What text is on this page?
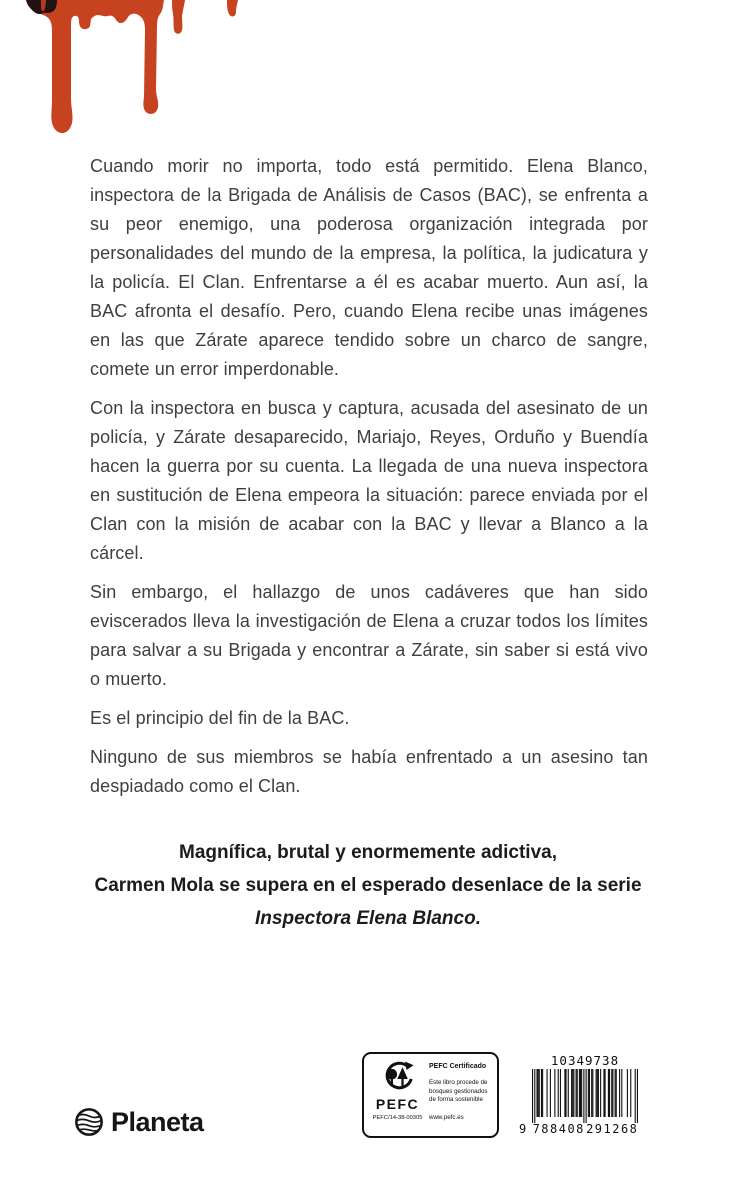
Cuando morir no importa, todo está permitido. Elena Blanco, inspectora de la Brigada de Análisis de Casos (BAC), se enfrenta a su peor enemigo, una poderosa organización integrada por personalidades del mundo de la empresa, la política, la judicatura y la policía. El Clan. Enfrentarse a él es acabar muerto. Aun así, la BAC afronta el desafío. Pero, cuando Elena recibe unas imágenes en las que Zárate aparece tendido sobre un charco de sangre, comete un error imperdonable.

Con la inspectora en busca y captura, acusada del asesinato de un policía, y Zárate desaparecido, Mariajo, Reyes, Orduño y Buendía hacen la guerra por su cuenta. La llegada de una nueva inspectora en sustitución de Elena empeora la situación: parece enviada por el Clan con la misión de acabar con la BAC y llevar a Blanco a la cárcel.

Sin embargo, el hallazgo de unos cadáveres que han sido eviscerados lleva la investigación de Elena a cruzar todos los límites para salvar a su Brigada y encontrar a Zárate, sin saber si está vivo o muerto.

Es el principio del fin de la BAC.

Ninguno de sus miembros se había enfrentado a un asesino tan despiadado como el Clan.

Magnífica, brutal y enormemente adictiva,
Carmen Mola se supera en el esperado desenlace de la serie
Inspectora Elena Blanco.
Planeta
PEFC
PEFC/14-38-00305
PEFC Certificado
Este libro procede de bosques gestionados de forma sostenible
www.pefc.es
10349738
9 788408 291268
